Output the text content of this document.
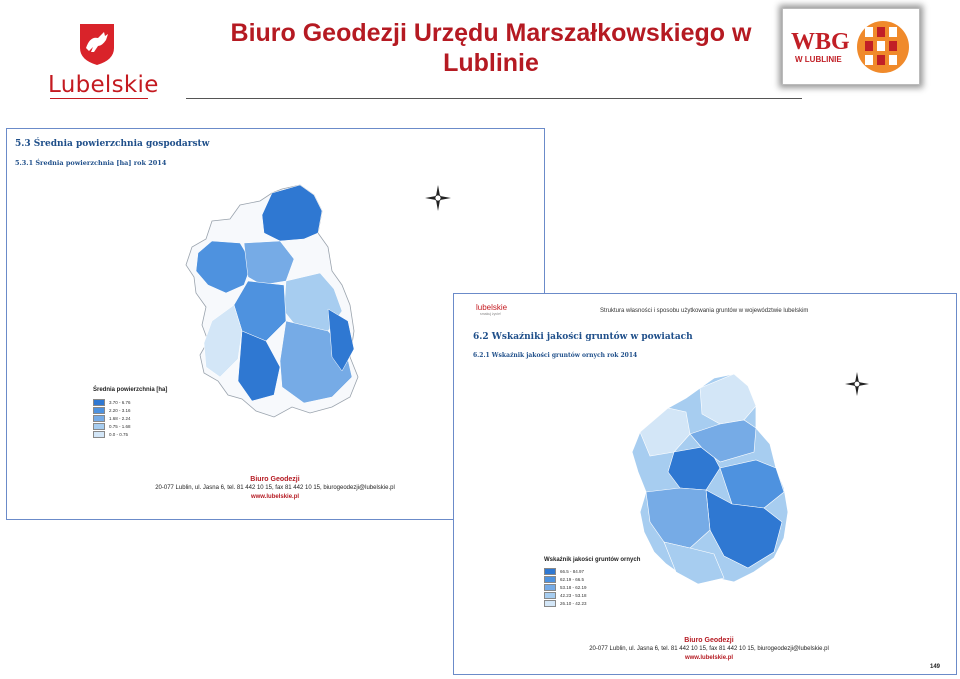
Lubelskie
Biuro Geodezji Urzędu Marszałkowskiego w Lublinie
WBG
W LUBLINIE
5.3 Średnia powierzchnia gospodarstw
5.3.1 Średnia powierzchnia [ha] rok 2014
Średnia powierzchnia [ha]
3.70 - 6.76
2.20 - 3.16
1.68 - 2.24
0.75 - 1.68
0.0 - 0.75
Biuro Geodezji
20-077 Lublin, ul. Jasna 6, tel. 81 442 10 15, fax 81 442 10 15, biurogeodezji@lubelskie.pl
www.lubelskie.pl
lubelskie
smakuj życie!	Struktura własności i sposobu użytkowania gruntów w województwie lubelskim
6.2 Wskaźniki jakości gruntów w powiatach
6.2.1 Wskaźnik jakości gruntów ornych rok 2014
Wskaźnik jakości gruntów ornych
66.5 - 84.97
62.19 - 66.5
53.18 - 62.19
42.23 - 53.18
26.10 - 42.23
Biuro Geodezji
20-077 Lublin, ul. Jasna 6, tel. 81 442 10 15, fax 81 442 10 15, biurogeodezji@lubelskie.pl
www.lubelskie.pl
149
